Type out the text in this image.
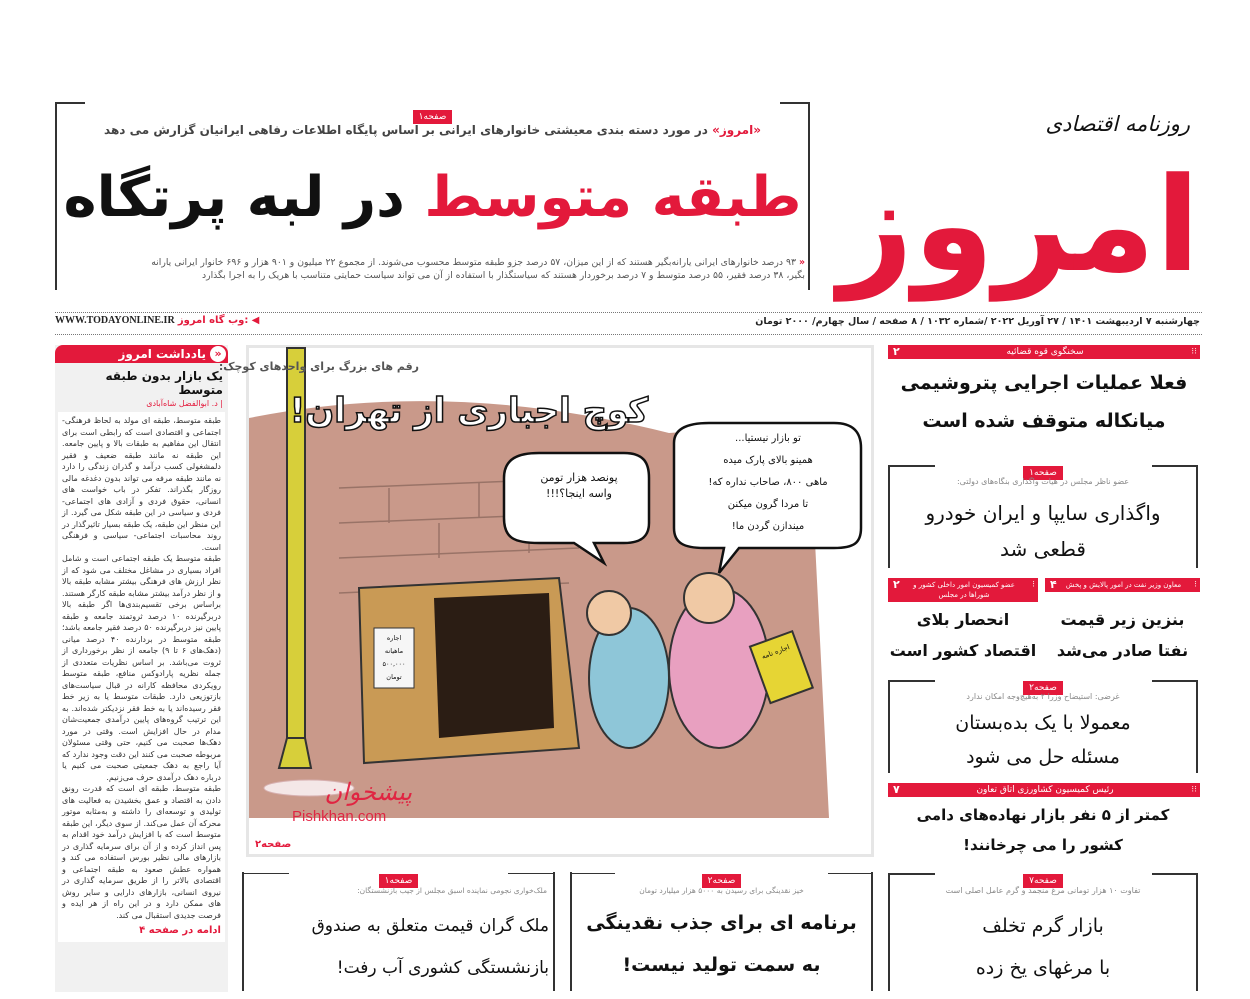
امروز
روزنامه اقتصادی
چهارشنبه ۷ اردیبهشت ۱۴۰۱ / ۲۷ آوریل ۲۰۲۲ /شماره ۱۰۳۲ / ۸ صفحه / سال چهارم/ ۲۰۰۰ تومان
WWW.TODAYONLINE.IR وب گاه امروز: ◀
صفحه۱
«امروز» در مورد دسته بندی معیشتی خانوارهای ایرانی بر اساس پایگاه اطلاعات رفاهی ایرانیان گزارش می دهد
طبقه متوسط در لبه پرتگاه
« ۹۳ درصد خانوارهای ایرانی یارانه‌بگیر هستند که از این میزان، ۵۷ درصد جزو طبقه متوسط محسوب می‌شوند. از مجموع ۲۲ میلیون و ۹۰۱ هزار و ۶۹۶ خانوار ایرانی یارانه
بگیر، ۳۸ درصد فقیر، ۵۵ درصد متوسط و ۷ درصد برخوردار هستند که سیاستگذار با استفاده از آن می تواند سیاست حمایتی متناسب با هریک را به اجرا بگذارد
«
یادداشت امروز
یک بازار بدون طبقه متوسط
| د. ابوالفضل شاه‌آبادی

طبقه متوسط، طبقه ای مولد به لحاظ فرهنگی- اجتماعی و اقتصادی است که رابطی است برای انتقال این مفاهیم به طبقات بالا و پایین جامعه. این طبقه نه مانند طبقه ضعیف و فقیر دلمشغولی کسب درآمد و گذران زندگی را دارد نه مانند طبقه مرفه می تواند بدون دغدغه مالی روزگار بگذراند. تفکر در باب خواست های انسانی، حقوق فردی و آزادی های اجتماعی- فردی و سیاسی در این طبقه شکل می گیرد. از این منظر این طبقه، یک طبقه بسیار تاثیرگذار در روند محاسبات اجتماعی- سیاسی و فرهنگی است.

طبقه متوسط یک طبقه اجتماعی است و شامل افراد بسیاری در مشاغل مختلف می شود که از نظر ارزش های فرهنگی بیشتر مشابه طبقه بالا و از نظر درآمد بیشتر مشابه طبقه کارگر هستند. براساس برخی تقسیم‌بندی‌ها اگر طبقه بالا دربرگیرنده ۱۰ درصد ثروتمند جامعه و طبقه پایین نیز دربرگیرنده ۵۰ درصد فقیر جامعه باشد؛ طبقه متوسط در بردارنده ۴۰ درصد میانی (دهک‌های ۶ تا ۹) جامعه از نظر برخورداری از ثروت می‌باشد. بر اساس نظریات متعددی از جمله نظریه پارادوکس منافع، طبقه متوسط رویکردی محافظه کارانه در قبال سیاست‌های بازتوزیعی دارد. طبقات متوسط یا به زیر خط فقر رسیده‌اند یا به خط فقر نزدیکتر شده‌اند. به این ترتیب گروه‌های پایین درآمدی جمعیت‌شان مدام در حال افزایش است. وقتی در مورد دهک‌ها صحبت می کنیم، حتی وقتی مسئولان مربوطه صحبت می کنند این دقت وجود ندارد که آیا راجع به دهک جمعیتی صحبت می کنیم یا درباره دهک درآمدی حرف می‌زنیم.

طبقه متوسط، طبقه ای است که قدرت رونق دادن به اقتصاد و عمق بخشیدن به فعالیت های تولیدی و توسعه‌ای را داشته و به‌مثابه موتور محرکه آن عمل می‌کند. از سوی دیگر، این طبقه متوسط است که با افزایش درآمد خود اقدام به پس انداز کرده و از آن برای سرمایه گذاری در بازارهای مالی نظیر بورس استفاده می کند و همواره عطش صعود به طبقه اجتماعی و اقتصادی بالاتر را از طریق سرمایه گذاری در نیروی انسانی، بازارهای دارایی و سایر روش های ممکن دارد و در این راه از هر ایده و فرصت جدیدی استقبال می کند.

ادامه در صفحه ۴
رقم های بزرگ برای واحدهای کوچک:
کوچ اجباری از تهران!
پونصد هزار تومن
واسه اینجا؟!!!
تو بازار نیستیا...
همینو بالای پارک میده
ماهی ۸۰۰، صاحاب نداره که!
تا مردا گرون میکنن
میندازن گردن ما!
اجاره
ماهیانه
۵۰۰,۰۰۰
تومان
اجاره نامه
صفحه۲
سخنگوی قوه قضائیه
۲	⁝⁝
فعلا عملیات اجرایی پتروشیمی
میانکاله متوقف شده است
صفحه۱
عضو ناظر مجلس در هیات واگذاری بنگاه‌های دولتی:
واگذاری سایپا و ایران خودرو
قطعی شد
معاون وزیر نفت در امور پالایش و پخش
۴	⁝
عضو کمیسیون امور داخلی کشور و شوراها در مجلس
۲	⁝
بنزین زیر قیمت
نفتا صادر می‌شد
انحصار بلای
اقتصاد کشور است
صفحه۲
غرضی: استیضاح وزرا ۲ به‌هیچ‌وجه امکان ندارد
معمولا با یک بده‌بستان
مسئله حل می شود
رئیس کمیسیون کشاورزی اتاق تعاون
۷	⁝⁝
کمتر از ۵ نفر بازار نهاده‌های دامی
کشور را می چرخانند!
صفحه۷
تفاوت ۱۰ هزار تومانی مرغ منجمد و گرم عامل اصلی است
بازار گرم تخلف
با مرغهای یخ زده
صفحه۲
خیز نقدینگی برای رسیدن به ۵۰۰۰ هزار میلیارد تومان
برنامه ای برای جذب نقدینگی
به سمت تولید نیست!
صفحه۱
ملک‌خواری نجومی نماینده اسبق مجلس از جیب بازنشستگان:
ملک گران قیمت متعلق به صندوق
بازنشستگی کشوری آب رفت!
پیشخوان
Pishkhan.com
